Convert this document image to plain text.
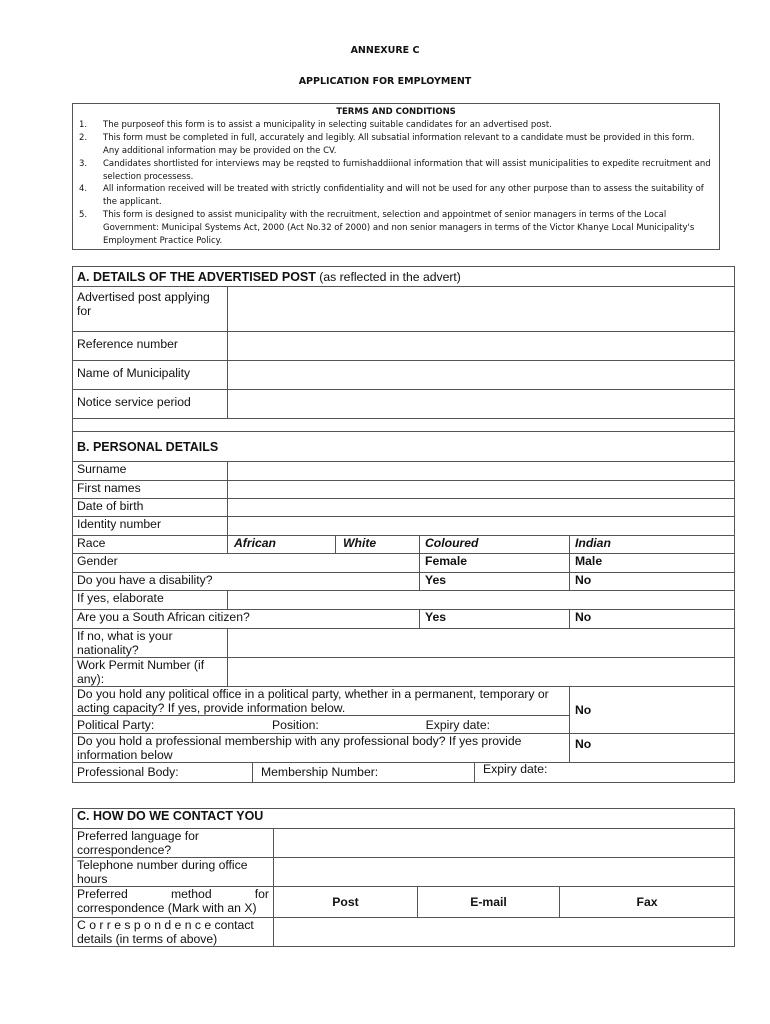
ANNEXURE C
APPLICATION FOR EMPLOYMENT
TERMS AND CONDITIONS
1.	The purposeof this form is to assist a municipality in selecting suitable candidates for an advertised post.
2.	This form must be completed in full, accurately and legibly. All subsatial information relevant to a candidate must be provided in this form. Any additional information may be provided on the CV.
3.	Candidates shortlisted for interviews may be reqsted to furnishaddiional information that will assist municipalities to expedite recruitment and selection processess.
4.	All information received will be treated with strictly confidentiality and will not be used for any other purpose than to assess the suitability of the applicant.
5.	This form is designed to assist municipality with the recruitment, selection and appointmet of senior managers in terms of the Local Government: Municipal Systems Act, 2000 (Act No.32 of 2000) and non senior managers in terms of the Victor Khanye Local Municipality's Employment Practice Policy.
A. DETAILS OF THE ADVERTISED POST (as reflected in the advert)	
Advertised post applying for	
Reference number	
Name of Municipality	
Notice service period	

B. PERSONAL DETAILS				
Surname				
First names				
Date of birth				
Identity number				
Race	African	White	Coloured	Indian
Gender			Female	Male
Do you have a disability?			Yes	No
If yes, elaborate				
Are you a South African citizen?			Yes	No
If no, what is your nationality?				
Work Permit Number (if any):				
Do you hold any political office in a political party, whether in a permanent, temporary or acting capacity? If yes, provide information below.				No

Political Party: Position: Expiry date:				

Do you hold a professional membership with any professional body? If yes provide information below				No

Professional Body: Membership Number: Expiry date:				
C. HOW DO WE CONTACT YOU			
Preferred language for correspondence?			
Telephone number during office hours			

Preferred method for
correspondence (Mark with an X)	Post	E-mail	Fax

C o r r e s p o n d e n c e contact
details (in terms of above)			
